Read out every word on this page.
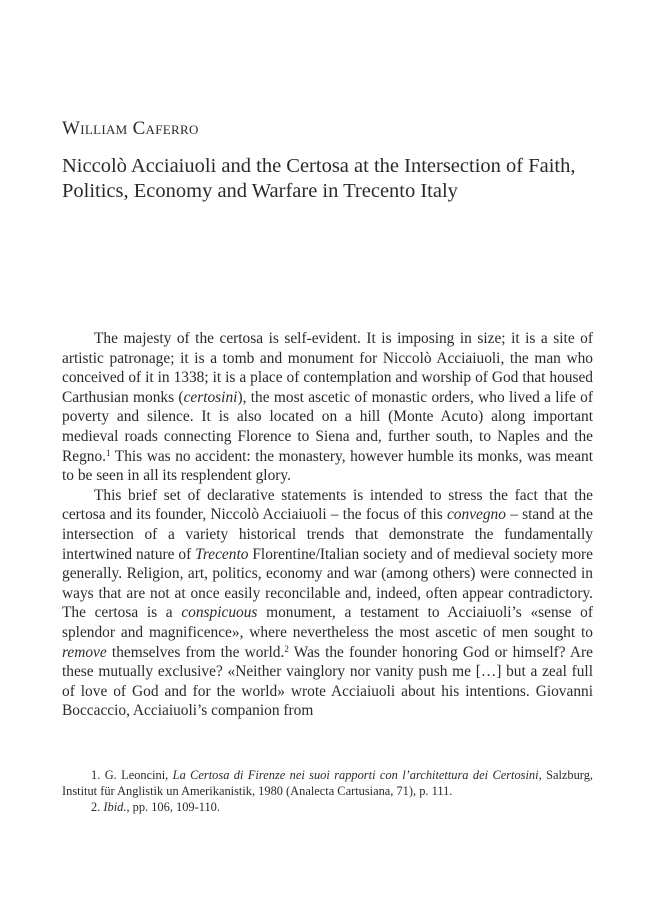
William Caferro
Niccolò Acciaiuoli and the Certosa at the Intersection of Faith, Politics, Economy and Warfare in Trecento Italy

The majesty of the certosa is self-evident. It is imposing in size; it is a site of artistic patronage; it is a tomb and monument for Niccolò Acciaiuoli, the man who conceived of it in 1338; it is a place of contemplation and worship of God that housed Carthusian monks (certosini), the most ascetic of monastic orders, who lived a life of poverty and silence. It is also located on a hill (Monte Acuto) along important medieval roads connecting Florence to Siena and, further south, to Naples and the Regno.$^1$ This was no accident: the monastery, however humble its monks, was meant to be seen in all its resplendent glory.

This brief set of declarative statements is intended to stress the fact that the certosa and its founder, Niccolò Acciaiuoli – the focus of this convegno – stand at the intersection of a variety historical trends that demonstrate the fundamentally intertwined nature of Trecento Florentine/Italian society and of medieval society more generally. Religion, art, politics, economy and war (among others) were connected in ways that are not at once easily reconcilable and, indeed, often appear contradictory. The certosa is a conspicuous monument, a testament to Acciaiuoli’s «sense of splendor and magnificence», where nevertheless the most ascetic of men sought to remove themselves from the world.$^2$ Was the founder honoring God or himself? Are these mutually exclusive? «Neither vainglory nor vanity push me […] but a zeal full of love of God and for the world» wrote Acciaiuoli about his intentions. Giovanni Boccaccio, Acciaiuoli’s companion from

1. G. Leoncini, La Certosa di Firenze nei suoi rapporti con l’architettura dei Certosini, Salzburg, Institut für Anglistik un Amerikanistik, 1980 (Analecta Cartusiana, 71), p. 111.

2. Ibid., pp. 106, 109-110.
